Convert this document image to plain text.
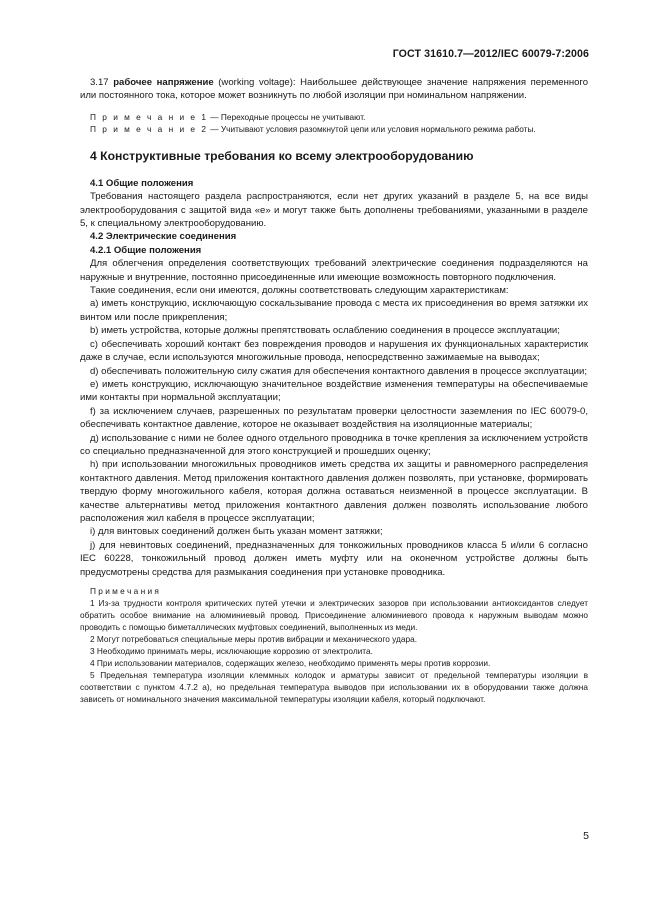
ГОСТ 31610.7—2012/IEC 60079-7:2006

3.17 рабочее напряжение (working voltage): Наибольшее действующее значение напряжения переменного или постоянного тока, которое может возникнуть по любой изоляции при номинальном напряжении.

П р и м е ч а н и е 1 — Переходные процессы не учитывают.

П р и м е ч а н и е 2 — Учитывают условия разомкнутой цепи или условия нормального режима работы.

4 Конструктивные требования ко всему электрооборудованию

4.1 Общие положения

Требования настоящего раздела распространяются, если нет других указаний в разделе 5, на все виды электрооборудования с защитой вида «е» и могут также быть дополнены требованиями, указанными в разделе 5, к специальному электрооборудованию.

4.2 Электрические соединения

4.2.1 Общие положения

Для облегчения определения соответствующих требований электрические соединения подразделяются на наружные и внутренние, постоянно присоединенные или имеющие возможность повторного подключения.

Такие соединения, если они имеются, должны соответствовать следующим характеристикам:

а) иметь конструкцию, исключающую соскальзывание провода с места их присоединения во время затяжки их винтом или после прикрепления;

b) иметь устройства, которые должны препятствовать ослаблению соединения в процессе эксплуатации;

c) обеспечивать хороший контакт без повреждения проводов и нарушения их функциональных характеристик даже в случае, если используются многожильные провода, непосредственно зажимаемые на выводах;

d) обеспечивать положительную силу сжатия для обеспечения контактного давления в процессе эксплуатации;

e) иметь конструкцию, исключающую значительное воздействие изменения температуры на обеспечиваемые ими контакты при нормальной эксплуатации;

f) за исключением случаев, разрешенных по результатам проверки целостности заземления по IEC 60079-0, обеспечивать контактное давление, которое не оказывает воздействия на изоляционные материалы;

д) использование с ними не более одного отдельного проводника в точке крепления за исключением устройств со специально предназначенной для этого конструкцией и прошедших оценку;

h) при использовании многожильных проводников иметь средства их защиты и равномерного распределения контактного давления. Метод приложения контактного давления должен позволять, при установке, формировать твердую форму многожильного кабеля, которая должна оставаться неизменной в процессе эксплуатации. В качестве альтернативы метод приложения контактного давления должен позволять использование любого расположения жил кабеля в процессе эксплуатации;

i) для винтовых соединений должен быть указан момент затяжки;

j) для невинтовых соединений, предназначенных для тонкожильных проводников класса 5 и/или 6 согласно IEC 60228, тонкожильный провод должен иметь муфту или на оконечном устройстве должны быть предусмотрены средства для размыкания соединения при установке проводника.

П р и м е ч а н и я

1 Из-за трудности контроля критических путей утечки и электрических зазоров при использовании антиоксидантов следует обратить особое внимание на алюминиевый провод. Присоединение алюминиевого провода к наружным выводам можно проводить с помощью биметаллических муфтовых соединений, выполненных из меди.

2 Могут потребоваться специальные меры против вибрации и механического удара.

3 Необходимо принимать меры, исключающие коррозию от электролита.

4 При использовании материалов, содержащих железо, необходимо применять меры против коррозии.

5 Предельная температура изоляции клеммных колодок и арматуры зависит от предельной температуры изоляции в соответствии с пунктом 4.7.2 а), но предельная температура выводов при использовании их в оборудовании также должна зависеть от номинального значения максимальной температуры изоляции кабеля, который подключают.

5
